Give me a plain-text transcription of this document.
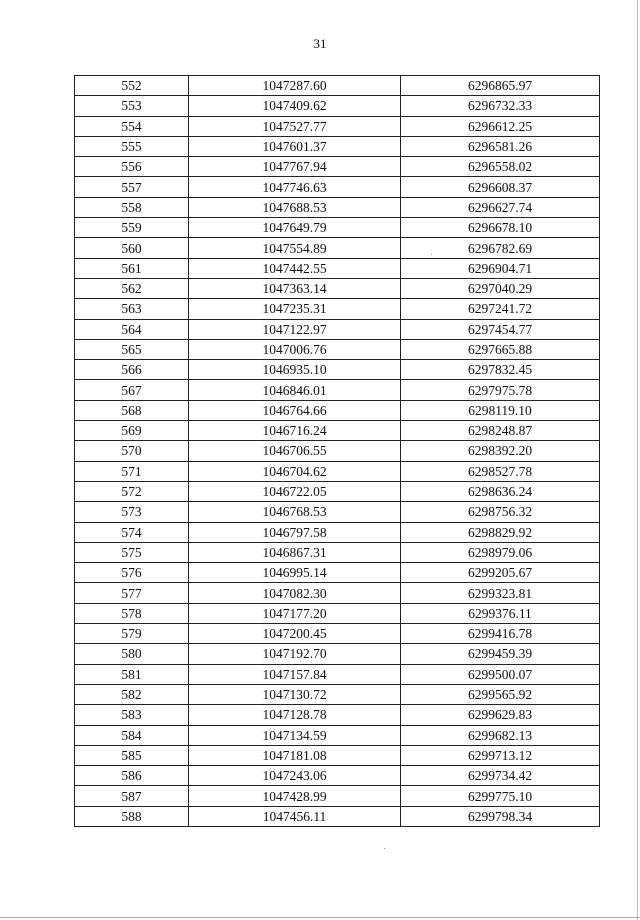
31
552	1047287.60	6296865.97
553	1047409.62	6296732.33
554	1047527.77	6296612.25
555	1047601.37	6296581.26
556	1047767.94	6296558.02
557	1047746.63	6296608.37
558	1047688.53	6296627.74
559	1047649.79	6296678.10
560	1047554.89	6296782.69
561	1047442.55	6296904.71
562	1047363.14	6297040.29
563	1047235.31	6297241.72
564	1047122.97	6297454.77
565	1047006.76	6297665.88
566	1046935.10	6297832.45
567	1046846.01	6297975.78
568	1046764.66	6298119.10
569	1046716.24	6298248.87
570	1046706.55	6298392.20
571	1046704.62	6298527.78
572	1046722.05	6298636.24
573	1046768.53	6298756.32
574	1046797.58	6298829.92
575	1046867.31	6298979.06
576	1046995.14	6299205.67
577	1047082.30	6299323.81
578	1047177.20	6299376.11
579	1047200.45	6299416.78
580	1047192.70	6299459.39
581	1047157.84	6299500.07
582	1047130.72	6299565.92
583	1047128.78	6299629.83
584	1047134.59	6299682.13
585	1047181.08	6299713.12
586	1047243.06	6299734.42
587	1047428.99	6299775.10
588	1047456.11	6299798.34
